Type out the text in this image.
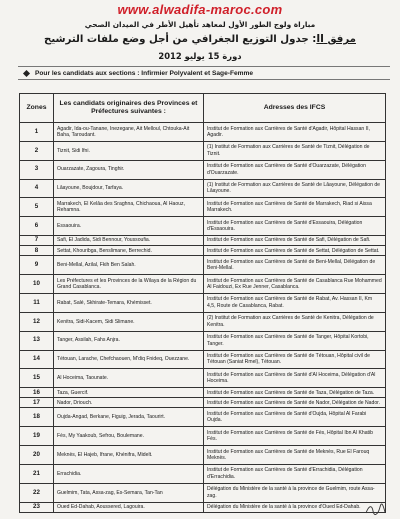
www.alwadifa-maroc.com
مباراة ولوج الطور الأول لمعاهد تأهيل الأطر في الميدان الصحي
مرفق II: جدول التوزيع الجغرافي من أجل وضع ملفات الترشيح
دورة 15 يوليو 2012
Pour les candidats aux sections : Infirmier Polyvalent et Sage-Femme
Zones	Les candidats originaires des Provinces et Préfectures suivantes :	Adresses des IFCS
1	Agadir, Ida-ou-Tanane, Inezegane, Ait Melloul, Chtouka-Ait Baha, Taroudant.	Institut de Formation aux Carrières de Santé d'Agadir, Hôpital Hassan II, Agadir.
2	Tiznit, Sidi Ifni.	(1) Institut de Formation aux Carrières de Santé de Tiznit, Délégation de Tiznit.
3	Ouarzazate, Zagoura, Tinghir.	Institut de Formation aux Carrières de Santé d'Ouarzazate, Délégation d'Ouarzazate.
4	Lâayoune, Boujdour, Tarfaya.	(1) Institut de Formation aux Carrières de Santé de Lâayoune, Délégation de Lâayoune.
5	Marrakech, El Kelâa des Sraghna, Chichaoua, Al Haouz, Rehamna.	Institut de Formation aux Carrières de Santé de Marrakech, Riad si Aissa Marrakech.
6	Essaouira.	Institut de Formation aux Carrières de Santé d'Essaouira, Délégation d'Essaouira.
7	Safi, El Jadida, Sidi Bennour, Youssoufia.	Institut de Formation aux Carrières de Santé de Safi, Délégation de Safi.
8	Settat, Khouribga, Benslimane, Berrechid.	Institut de Formation aux Carrières de Santé de Settat, Délégation de Settat.
9	Beni-Mellal, Azilal, Fkih Ben Salah.	Institut de Formation aux Carrières de Santé de Beni-Mellal, Délégation de Beni-Mellal.
10	Les Préfectures et les Provinces de la Wilaya de la Région du Grand Casablanca.	Institut de Formation aux Carrières de Santé de Casablanca Rue Mohammed Al Faidouzi, Ex Rue Jenner, Casablanca.
11	Rabat, Salé, Skhirate-Temara, Khémisset.	Institut de Formation aux Carrières de Santé de Rabat, Av. Hassan II, Km 4,5, Route de Casablanca, Rabat.
12	Kenitra, Sidi-Kacem, Sidi Slimane.	(2) Institut de Formation aux Carrières de Santé de Kenitra, Délégation de Kenitra.
13	Tanger, Assilah, Fahs Anjra.	Institut de Formation aux Carrières de Santé de Tanger, Hôpital Kortobi, Tanger.
14	Tétouan, Larache, Chefchaouen, M'diq Fnideq, Ouezzane.	Institut de Formation aux Carrières de Santé de Tétouan, Hôpital civil de Tétouan (Saniat Rmel), Tétouan.
15	Al Hoceima, Taounate.	Institut de Formation aux Carrières de Santé d'Al Hoceima, Délégation d'Al Hoceima.
16	Taza, Guercif.	Institut de Formation aux Carrières de Santé de Taza, Délégation de Taza.
17	Nador, Driouch.	Institut de Formation aux Carrières de Santé de Nador, Délégation de Nador.
18	Oujda-Angad, Berkane, Figuig, Jerada, Taourirt.	Institut de Formation aux Carrières de Santé d'Oujda, Hôpital Al Farabi Oujda.
19	Fès, My Yaakoub, Sefrou, Boulemane.	Institut de Formation aux Carrières de Santé de Fès, Hôpital Ibn Al Khatib Fès.
20	Meknès, El Hajeb, Ifrane, Khénifra, Midelt.	Institut de Formation aux Carrières de Santé de Meknès, Rue El Farouq Meknès.
21	Errachidia.	Institut de Formation aux Carrières de Santé d'Errachidia, Délégation d'Errachidia.
22	Guelmim, Tata, Assa-zag, Es-Semara, Tan-Tan	Délégation du Ministère de la santé à la province de Guelmim, route Assa-zag.
23	Oued Ed-Dahab, Aoussered, Lagouira.	Délégation du Ministère de la santé à la province d'Oued Ed-Dahab.
